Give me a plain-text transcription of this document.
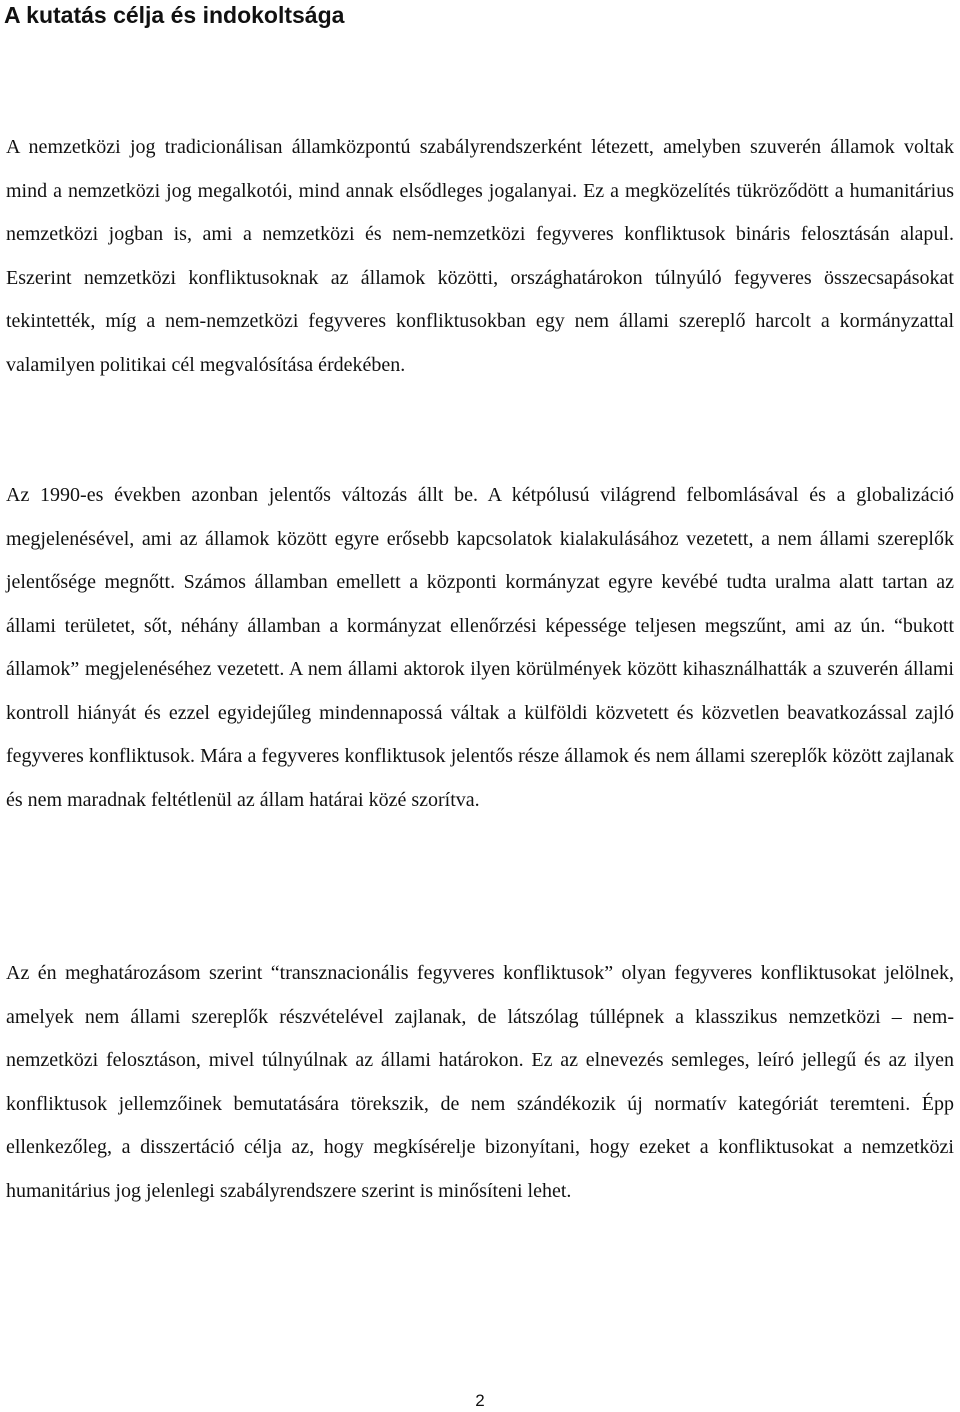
A kutatás célja és indokoltsága

A nemzetközi jog tradicionálisan államközpontú szabályrendszerként létezett, amelyben szuverén államok voltak mind a nemzetközi jog megalkotói, mind annak elsődleges jogalanyai. Ez a megközelítés tükröződött a humanitárius nemzetközi jogban is, ami a nemzetközi és nem-nemzetközi fegyveres konfliktusok bináris felosztásán alapul. Eszerint nemzetközi konfliktusoknak az államok közötti, országhatárokon túlnyúló fegyveres összecsapásokat tekintették, míg a nem-nemzetközi fegyveres konfliktusokban egy nem állami szereplő harcolt a kormányzattal valamilyen politikai cél megvalósítása érdekében.

Az 1990-es években azonban jelentős változás állt be. A kétpólusú világrend felbomlásával és a globalizáció megjelenésével, ami az államok között egyre erősebb kapcsolatok kialakulásához vezetett, a nem állami szereplők jelentősége megnőtt. Számos államban emellett a központi kormányzat egyre kevébé tudta uralma alatt tartan az állami területet, sőt, néhány államban a kormányzat ellenőrzési képessége teljesen megszűnt, ami az ún. “bukott államok” megjelenéséhez vezetett. A nem állami aktorok ilyen körülmények között kihasználhatták a szuverén állami kontroll hiányát és ezzel egyidejűleg mindennapossá váltak a külföldi közvetett és közvetlen beavatkozással zajló fegyveres konfliktusok. Mára a fegyveres konfliktusok jelentős része államok és nem állami szereplők között zajlanak és nem maradnak feltétlenül az állam határai közé szorítva.

Az én meghatározásom szerint “transznacionális fegyveres konfliktusok” olyan fegyveres konfliktusokat jelölnek, amelyek nem állami szereplők részvételével zajlanak, de látszólag túllépnek a klasszikus nemzetközi – nem-nemzetközi felosztáson, mivel túlnyúlnak az állami határokon. Ez az elnevezés semleges, leíró jellegű és az ilyen konfliktusok jellemzőinek bemutatására törekszik, de nem szándékozik új normatív kategóriát teremteni. Épp ellenkezőleg, a disszertáció célja az, hogy megkísérelje bizonyítani, hogy ezeket a konfliktusokat a nemzetközi humanitárius jog jelenlegi szabályrendszere szerint is minősíteni lehet.

2
